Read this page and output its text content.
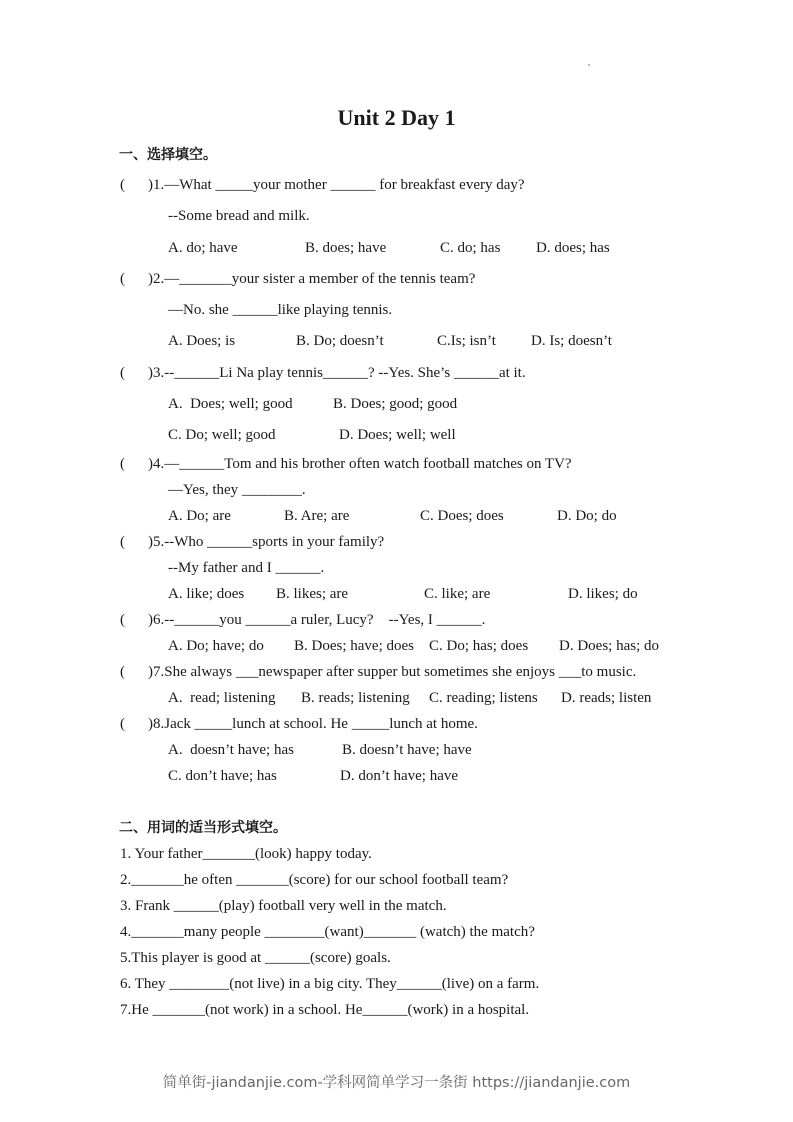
Unit 2 Day 1
一、选择填空。
( )1.—What _____your mother ______ for breakfast every day?
--Some bread and milk.
A. do; have	B. does; have	C. do; has D. does; has
( )2.—_______your sister a member of the tennis team?
—No. she ______like playing tennis.
A. Does; is	B. Do; doesn’t	C.Is; isn’t D. Is; doesn’t
( )3.--______Li Na play tennis______? --Yes. She’s ______at it.
A.  Does; well; good	B. Does; good; good
C. Do; well; good	D. Does; well; well
( )4.—______Tom and his brother often watch football matches on TV?
—Yes, they ________.
A. Do; are	B. Are; are	C. Does; does	D. Do; do
( )5.--Who ______sports in your family?
--My father and I ______.
A. like; does B. likes; are	C. like; are	D. likes; do
( )6.--______you ______a ruler, Lucy?    --Yes, I ______.
A. Do; have; do B. Does; have; does C. Do; has; does D. Does; has; do
( )7.She always ___newspaper after supper but sometimes she enjoys ___to music.
A.  read; listening B. reads; listening C. reading; listens D. reads; listen
( )8.Jack _____lunch at school. He _____lunch at home.
A.  doesn’t have; has	B. doesn’t have; have
C. don’t have; has	D. don’t have; have
二、用词的适当形式填空。
1. Your father_______(look) happy today.
2._______he often _______(score) for our school football team?
3. Frank ______(play) football very well in the match.
4._______many people ________(want)_______ (watch) the match?
5.This player is good at ______(score) goals.
6. They ________(not live) in a big city. They______(live) on a farm.
7.He _______(not work) in a school. He______(work) in a hospital.
简单街-jiandanjie.com-学科网简单学习一条街 https://jiandanjie.com
